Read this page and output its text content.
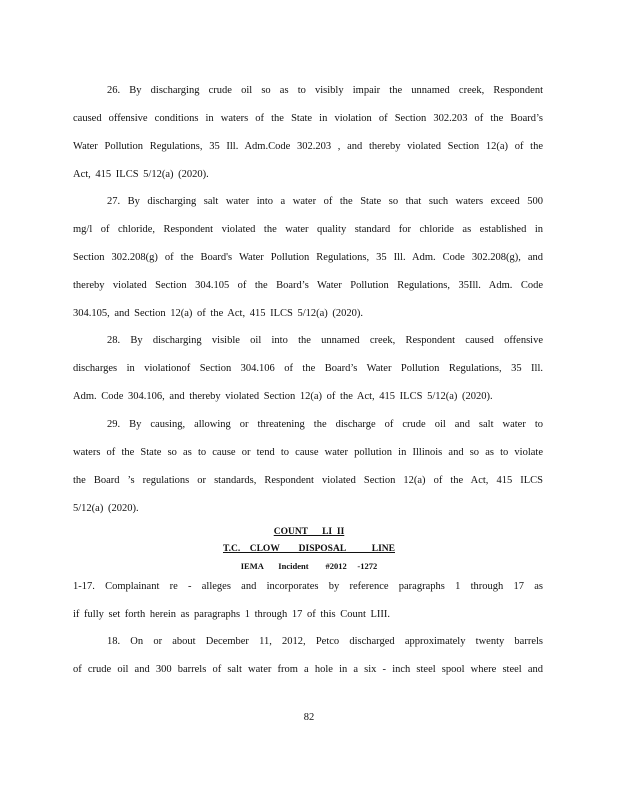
26. By discharging crude oil so as to visibly impair the unnamed creek, Respondent
caused offensive conditions in waters of the State in violation of Section 302.203 of the Board’s
Water Pollution Regulations, 35 Ill. Adm.Code 302.203 , and thereby violated Section 12(a) of the
Act, 415 ILCS 5/12(a) (2020).
27. By discharging salt water into a water of the State so that such waters exceed 500
mg/l of chloride, Respondent violated the water quality standard for chloride as established in
Section 302.208(g) of the Board's Water Pollution Regulations, 35 Ill. Adm. Code 302.208(g), and
thereby violated Section 304.105 of the Board’s Water Pollution Regulations, 35Ill. Adm. Code
304.105, and Section 12(a) of the Act, 415 ILCS 5/12(a) (2020).
28. By discharging visible oil into the unnamed creek, Respondent caused offensive
discharges in violationof Section 304.106 of the Board’s Water Pollution Regulations, 35 Ill.
Adm. Code 304.106, and thereby violated Section 12(a) of the Act, 415 ILCS 5/12(a) (2020).
29. By causing, allowing or threatening the discharge of crude oil and salt water to
waters of the State so as to cause or tend to cause water pollution in Illinois and so as to violate
the Board ’s regulations or standards, Respondent violated Section 12(a) of the Act, 415 ILCS
5/12(a) (2020).
COUNT      LI  II
T.C.    CLOW        DISPOSAL           LINE
IEMA       Incident        #2012     -1272
1-17. Complainant re - alleges and incorporates by reference paragraphs 1 through 17 as
if fully set forth herein as paragraphs 1 through 17 of this Count LIII.
18. On or about December 11, 2012, Petco discharged approximately twenty barrels
of crude oil and 300 barrels of salt water from a hole in a six - inch steel spool where steel and
82
